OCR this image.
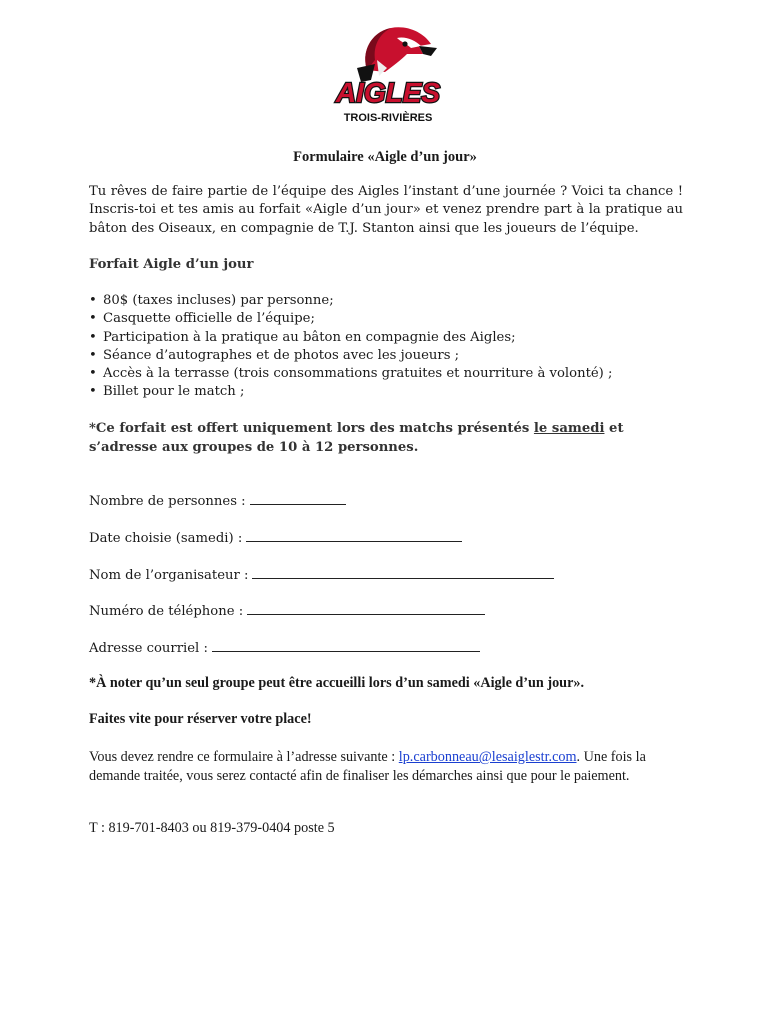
AIGLES
TROIS-RIVIÈRES
Formulaire «Aigle d’un jour»
Tu rêves de faire partie de l’équipe des Aigles l’instant d’une journée ? Voici ta chance ! Inscris-toi et tes amis au forfait «Aigle d’un jour» et venez prendre part à la pratique au bâton des Oiseaux, en compagnie de T.J. Stanton ainsi que les joueurs de l’équipe.
Forfait Aigle d’un jour
• 80$ (taxes incluses) par personne;
• Casquette officielle de l’équipe;
• Participation à la pratique au bâton en compagnie des Aigles;
• Séance d’autographes et de photos avec les joueurs ;
• Accès à la terrasse (trois consommations gratuites et nourriture à volonté) ;
• Billet pour le match ;
*Ce forfait est offert uniquement lors des matchs présentés le samedi et s’adresse aux groupes de 10 à 12 personnes.
Nombre de personnes :
Date choisie (samedi) :
Nom de l’organisateur :
Numéro de téléphone :
Adresse courriel :
*À noter qu’un seul groupe peut être accueilli lors d’un samedi «Aigle d’un jour».
Faites vite pour réserver votre place!
Vous devez rendre ce formulaire à l’adresse suivante : lp.carbonneau@lesaiglestr.com. Une fois la demande traitée, vous serez contacté afin de finaliser les démarches ainsi que pour le paiement.
T : 819-701-8403 ou 819-379-0404 poste 5
